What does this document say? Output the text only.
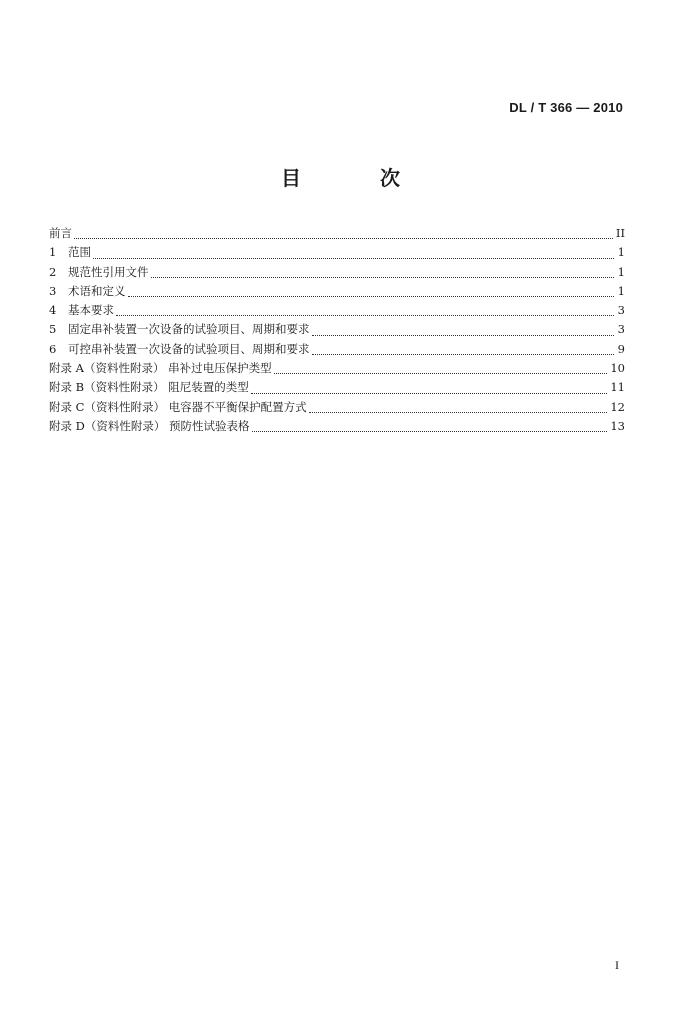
DL / T 366 — 2010
目 次
前言	II
1	范围	1
2	规范性引用文件	1
3	术语和定义	1
4	基本要求	3
5	固定串补装置一次设备的试验项目、周期和要求	3
6	可控串补装置一次设备的试验项目、周期和要求	9
附录 A（资料性附录） 串补过电压保护类型	10
附录 B（资料性附录） 阻尼装置的类型	11
附录 C（资料性附录） 电容器不平衡保护配置方式	12
附录 D（资料性附录） 预防性试验表格	13
I
